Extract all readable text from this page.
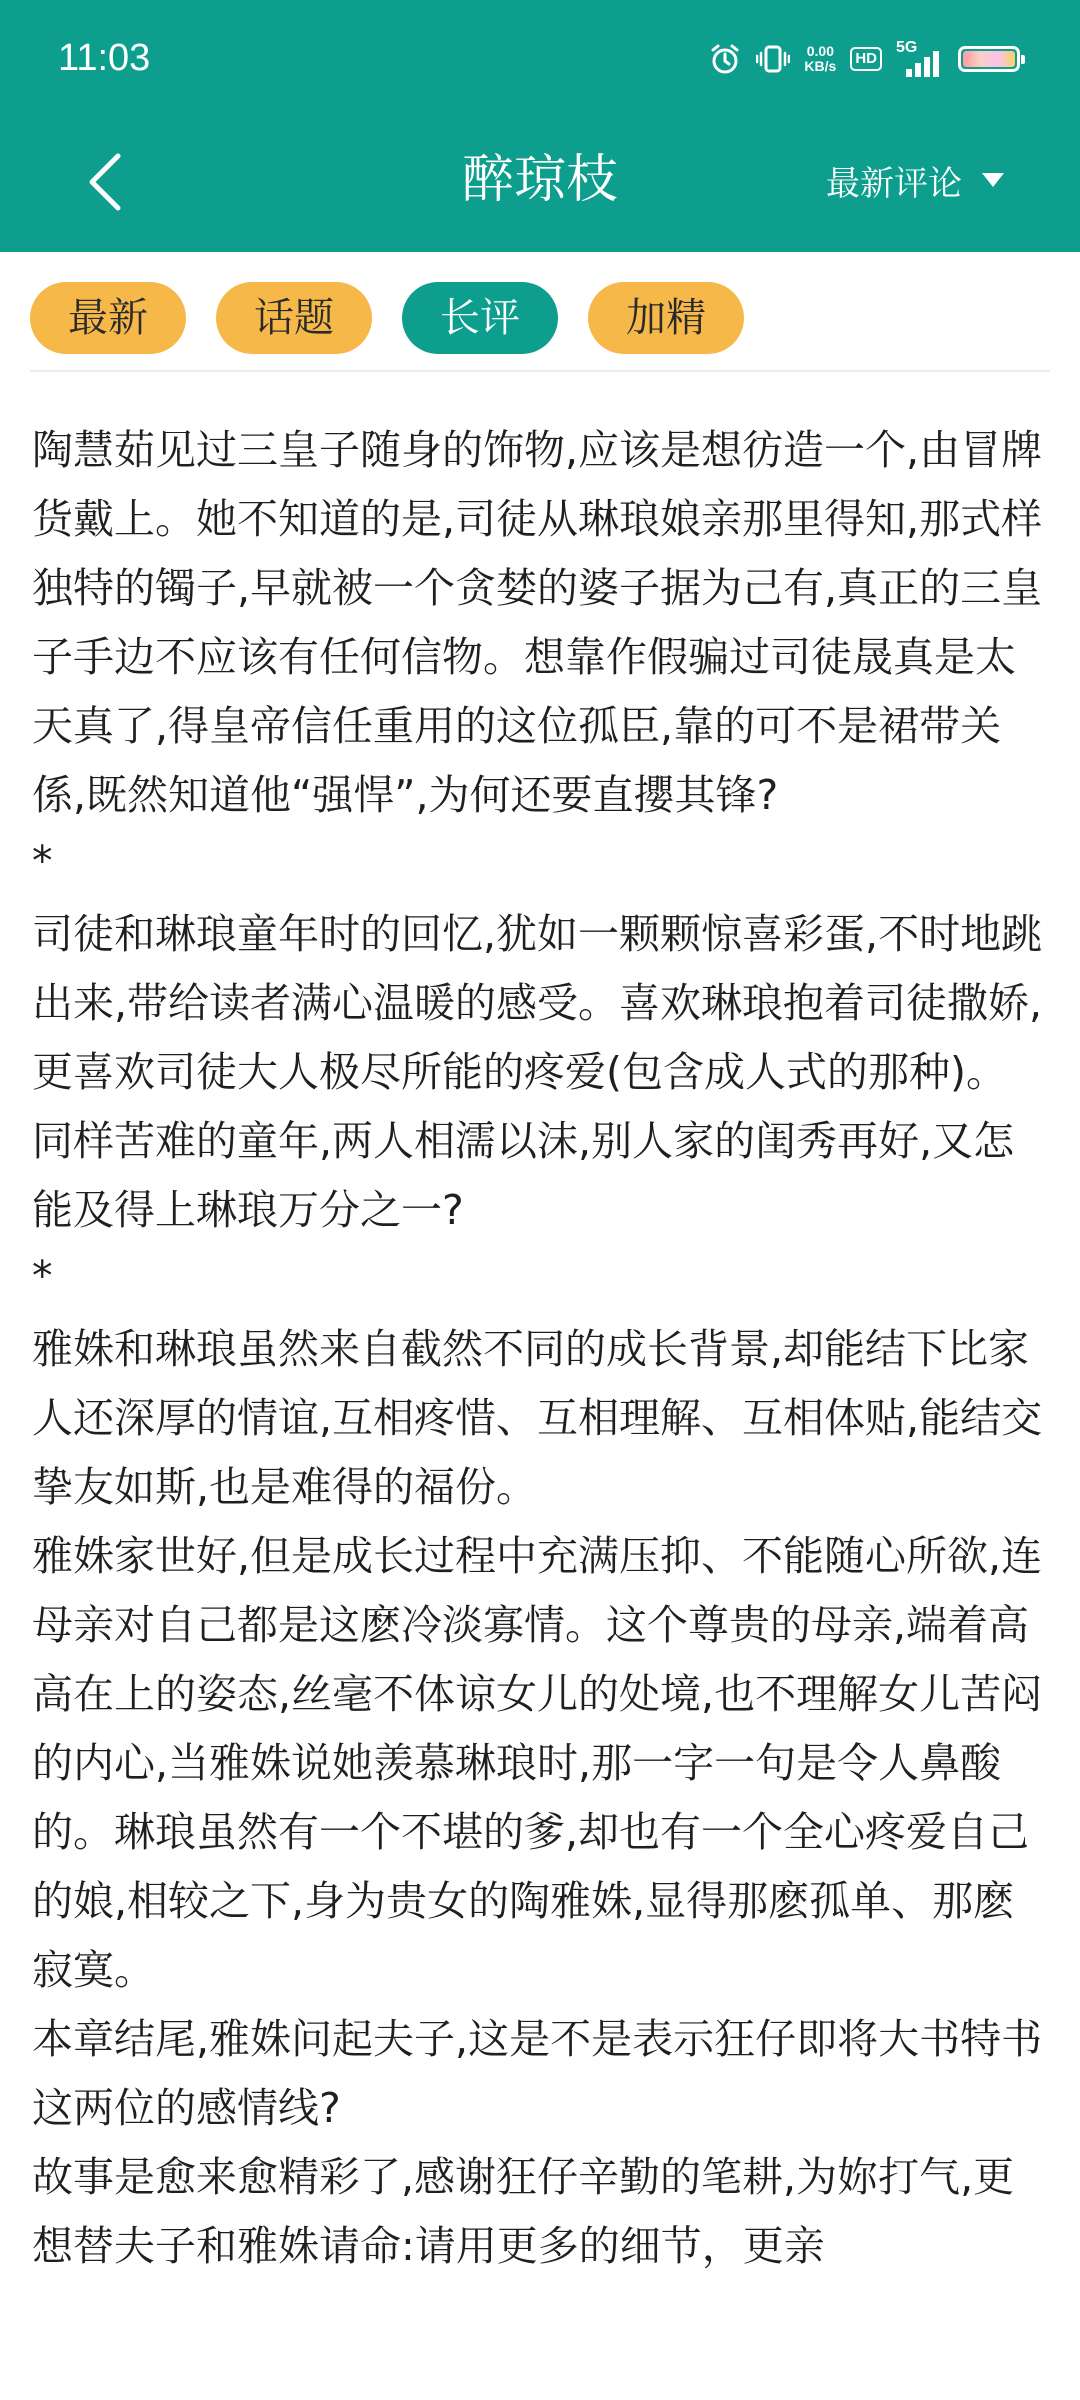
11:03	0.00
KB/s	HD
5G
醉琼枝	最新评论
最新	话题	长评	加精

陶慧茹见过三皇子随身的饰物,应该是想彷造一个,由冒牌货戴上。她不知道的是,司徒从琳琅娘亲那里得知,那式样独特的镯子,早就被一个贪婪的婆子据为己有,真正的三皇子手边不应该有任何信物。想靠作假骗过司徒晟真是太天真了,得皇帝信任重用的这位孤臣,靠的可不是裙带关係,既然知道他“强悍”,为何还要直攖其锋?

*

司徒和琳琅童年时的回忆,犹如一颗颗惊喜彩蛋,不时地跳出来,带给读者满心温暖的感受。喜欢琳琅抱着司徒撒娇,更喜欢司徒大人极尽所能的疼爱(包含成人式的那种)。

同样苦难的童年,两人相濡以沫,别人家的闺秀再好,又怎能及得上琳琅万分之一?

*

雅姝和琳琅虽然来自截然不同的成长背景,却能结下比家人还深厚的情谊,互相疼惜、互相理解、互相体贴,能结交挚友如斯,也是难得的福份。

雅姝家世好,但是成长过程中充满压抑、不能随心所欲,连母亲对自己都是这麽冷淡寡情。这个尊贵的母亲,端着高高在上的姿态,丝毫不体谅女儿的处境,也不理解女儿苦闷的内心,当雅姝说她羡慕琳琅时,那一字一句是令人鼻酸的。琳琅虽然有一个不堪的爹,却也有一个全心疼爱自己的娘,相较之下,身为贵女的陶雅姝,显得那麽孤单、那麽寂寞。

本章结尾,雅姝问起夫子,这是不是表示狂仔即将大书特书这两位的感情线?

故事是愈来愈精彩了,感谢狂仔辛勤的笔耕,为妳打气,更想替夫子和雅姝请命:请用更多的细节，更亲
